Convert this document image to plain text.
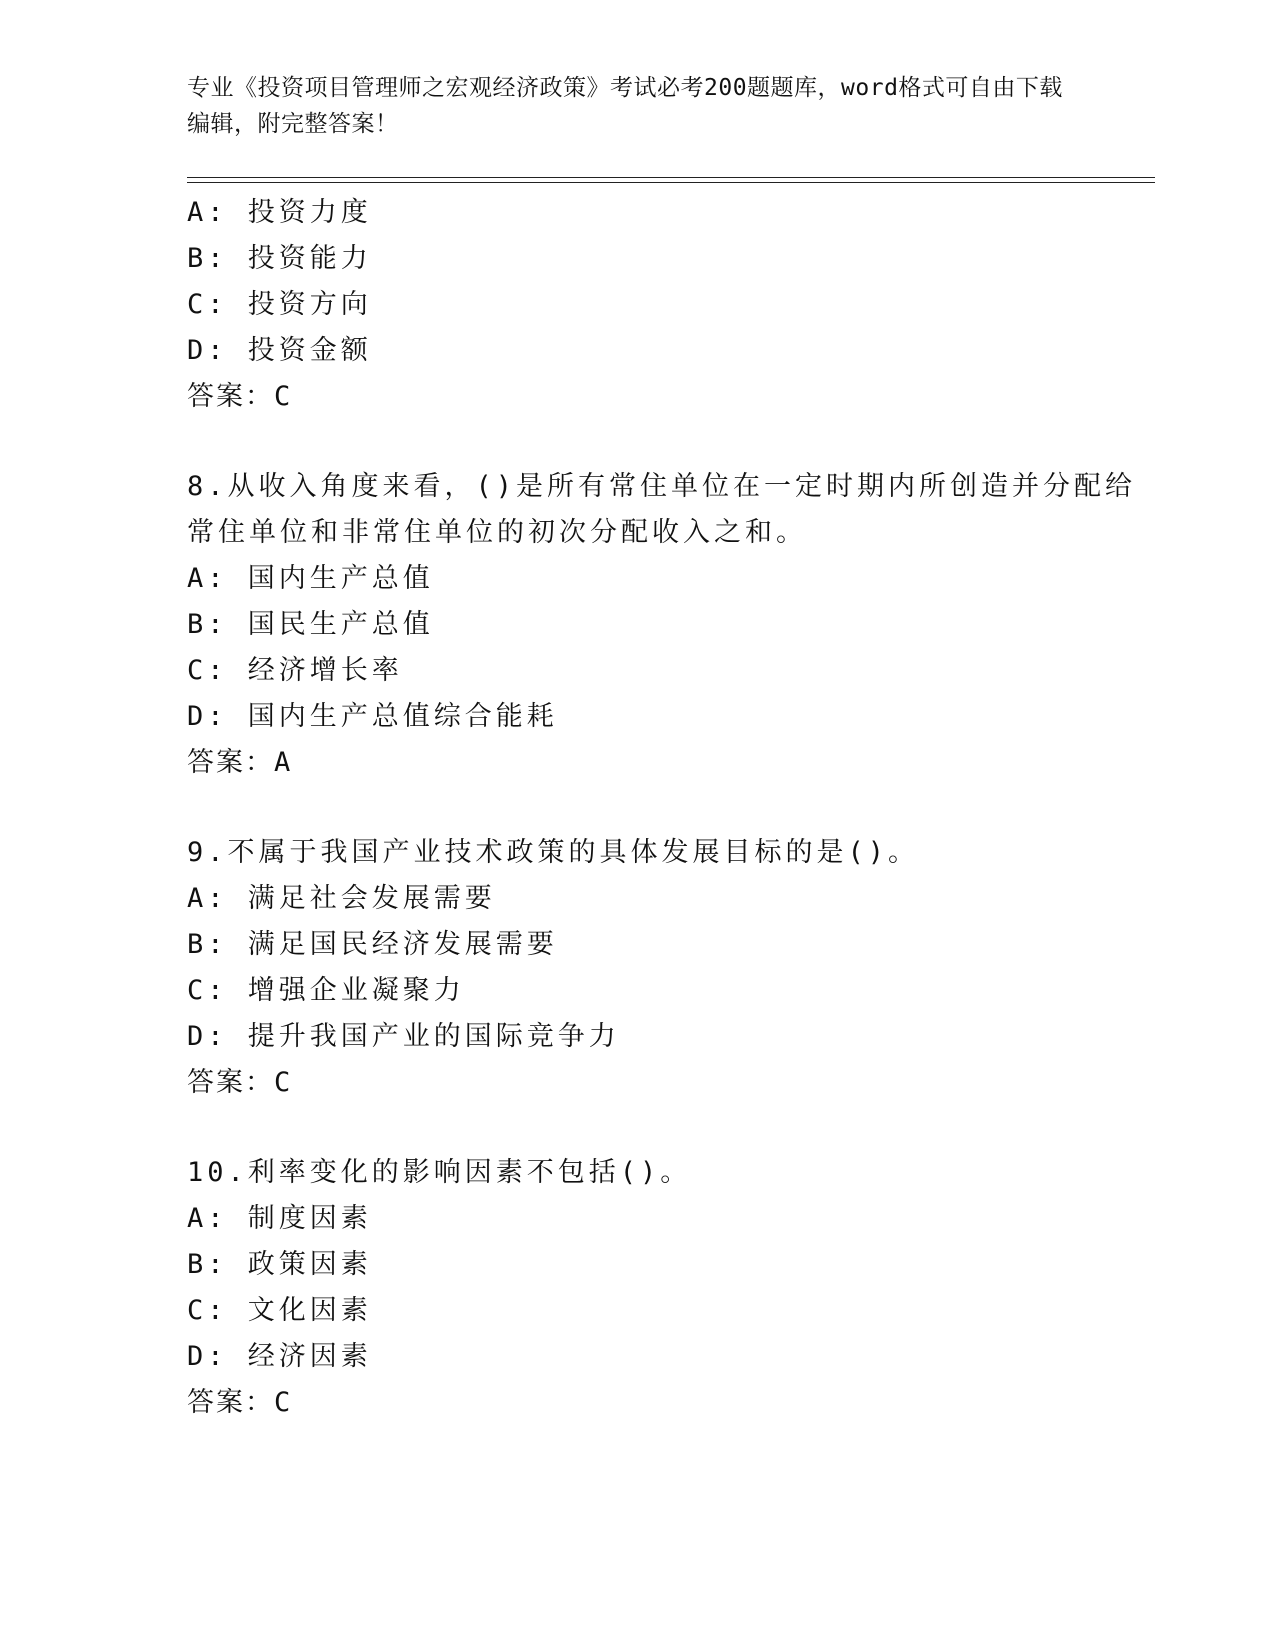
专业《投资项目管理师之宏观经济政策》考试必考200题题库，word格式可自由下载编辑，附完整答案！
A: 投资力度
B: 投资能力
C: 投资方向
D: 投资金额
答案：C
8.从收入角度来看，()是所有常住单位在一定时期内所创造并分配给
常住单位和非常住单位的初次分配收入之和。
A: 国内生产总值
B: 国民生产总值
C: 经济增长率
D: 国内生产总值综合能耗
答案：A
9.不属于我国产业技术政策的具体发展目标的是()。
A: 满足社会发展需要
B: 满足国民经济发展需要
C: 增强企业凝聚力
D: 提升我国产业的国际竞争力
答案：C
10.利率变化的影响因素不包括()。
A: 制度因素
B: 政策因素
C: 文化因素
D: 经济因素
答案：C
